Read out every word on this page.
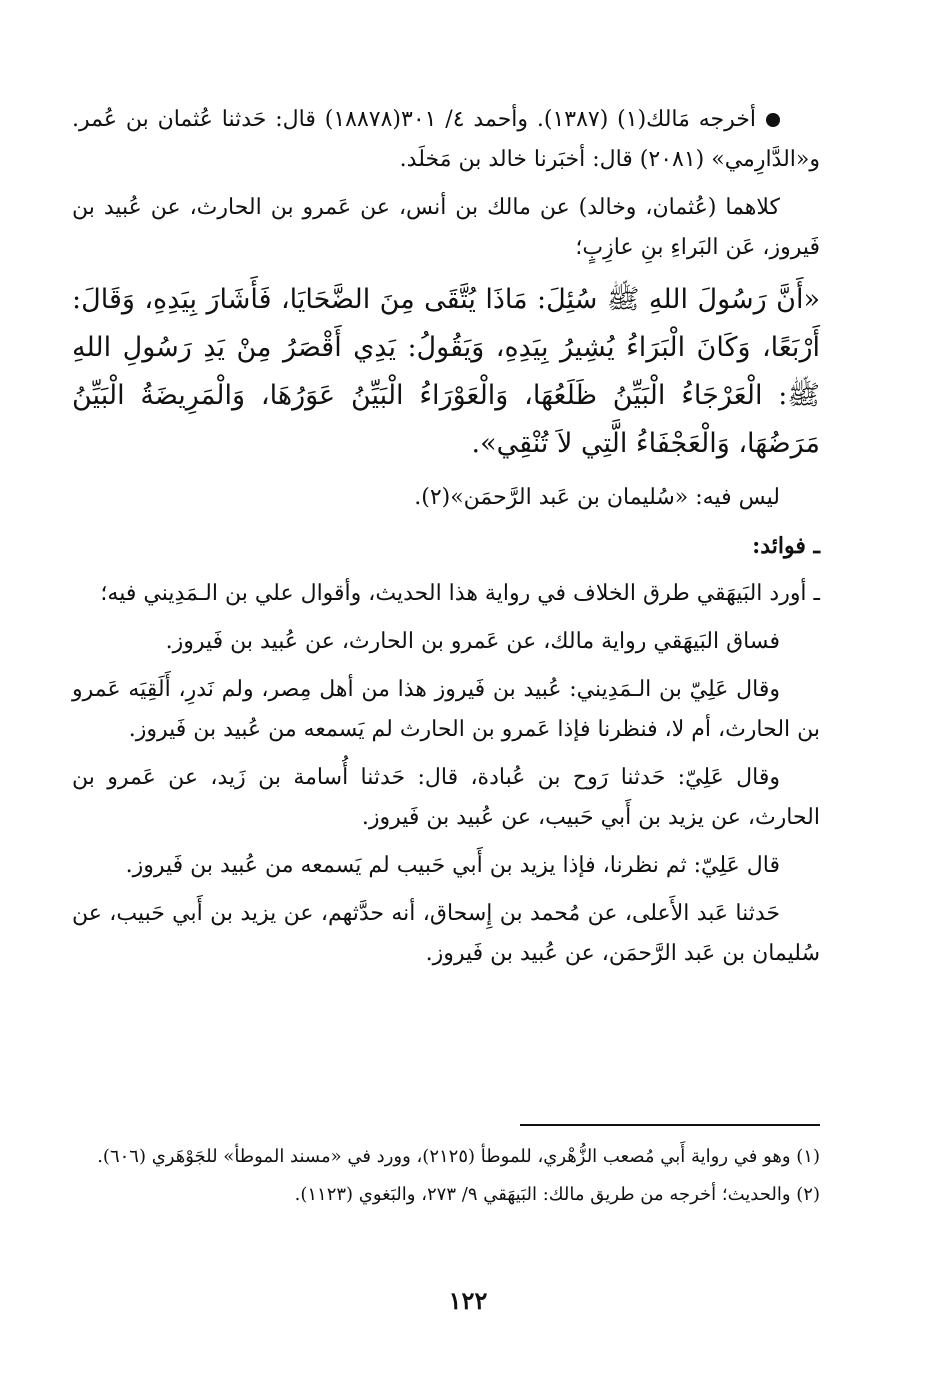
أخرجه مَالك(١) (١٣٨٧). وأحمد ٤/ ٣٠١(١٨٨٧٨) قال: حَدثنا عُثمان بن عُمر. و«الدَّارِمي» (٢٠٨١) قال: أخبَرنا خالد بن مَخلَد.

كلاهما (عُثمان، وخالد) عن مالك بن أنس، عن عَمرو بن الحارث، عن عُبيد بن فَيروز، عَن البَراءِ بنِ عازِبٍ؛

«أَنَّ رَسُولَ اللهِ ﷺ سُئِلَ: مَاذَا يُتَّقَى مِنَ الضَّحَايَا، فَأَشَارَ بِيَدِهِ، وَقَالَ: أَرْبَعًا، وَكَانَ الْبَرَاءُ يُشِيرُ بِيَدِهِ، وَيَقُولُ: يَدِي أَقْصَرُ مِنْ يَدِ رَسُولِ اللهِ ﷺ: الْعَرْجَاءُ الْبَيِّنُ ظَلَعُهَا، وَالْعَوْرَاءُ الْبَيِّنُ عَوَرُهَا، وَالْمَرِيضَةُ الْبَيِّنُ مَرَضُهَا، وَالْعَجْفَاءُ الَّتِي لاَ تُنْقِي».

ليس فيه: «سُليمان بن عَبد الرَّحمَن»(٢).

ـ فوائد:

ـ أورد البَيهَقي طرق الخلاف في رواية هذا الحديث، وأقوال علي بن الـمَدِيني فيه؛

فساق البَيهَقي رواية مالك، عن عَمرو بن الحارث، عن عُبيد بن فَيروز.

وقال عَلِيّ بن الـمَدِيني: عُبيد بن فَيروز هذا من أهل مِصر، ولم نَدرِ، أَلَقِيَه عَمرو بن الحارث، أم لا، فنظرنا فإذا عَمرو بن الحارث لم يَسمعه من عُبيد بن فَيروز.

وقال عَلِيّ: حَدثنا رَوح بن عُبادة، قال: حَدثنا أُسامة بن زَيد، عن عَمرو بن الحارث، عن يزيد بن أَبي حَبيب، عن عُبيد بن فَيروز.

قال عَلِيّ: ثم نظرنا، فإذا يزيد بن أَبي حَبيب لم يَسمعه من عُبيد بن فَيروز.

حَدثنا عَبد الأَعلى، عن مُحمد بن إِسحاق، أنه حدَّثهم، عن يزيد بن أَبي حَبيب، عن سُليمان بن عَبد الرَّحمَن، عن عُبيد بن فَيروز.

(١) وهو في رواية أَبي مُصعب الزُّهْري، للموطأ (٢١٢٥)، وورد في «مسند الموطأ» للجَوْهَري (٦٠٦).

(٢) والحديث؛ أخرجه من طريق مالك: البَيهَقي ٩/ ٢٧٣، والبَغوي (١١٢٣).

١٢٢
